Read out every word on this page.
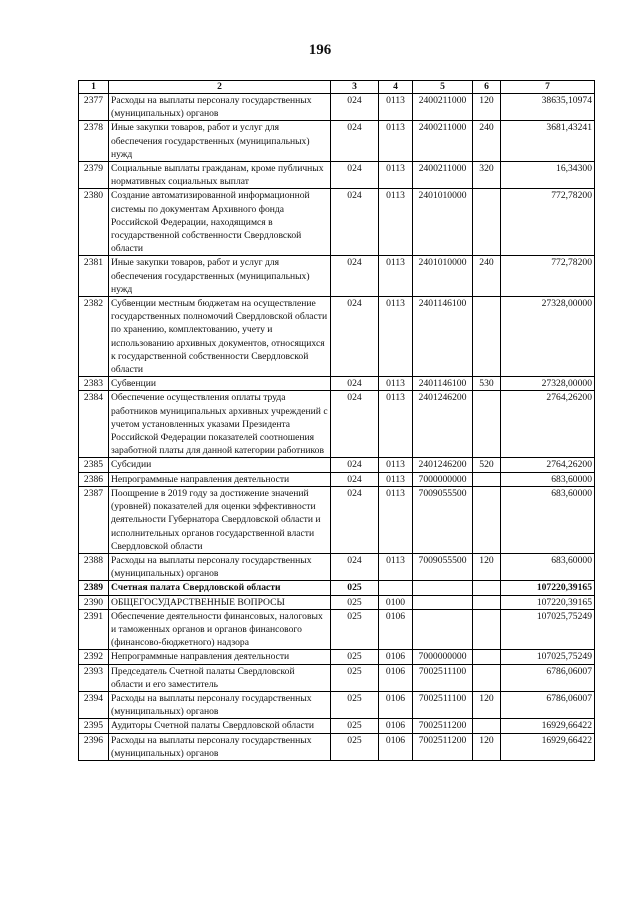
196
1	2	3	4	5	6	7
2377	Расходы на выплаты персоналу государственных (муниципальных) органов	024	0113	2400211000	120	38635,10974
2378	Иные закупки товаров, работ и услуг для обеспечения государственных (муниципальных) нужд	024	0113	2400211000	240	3681,43241
2379	Социальные выплаты гражданам, кроме публичных нормативных социальных выплат	024	0113	2400211000	320	16,34300
2380	Создание автоматизированной информационной системы по документам Архивного фонда Российской Федерации, находящимся в государственной собственности Свердловской области	024	0113	2401010000		772,78200
2381	Иные закупки товаров, работ и услуг для обеспечения государственных (муниципальных) нужд	024	0113	2401010000	240	772,78200
2382	Субвенции местным бюджетам на осуществление государственных полномочий Свердловской области по хранению, комплектованию, учету и использованию архивных документов, относящихся к государственной собственности Свердловской области	024	0113	2401146100		27328,00000
2383	Субвенции	024	0113	2401146100	530	27328,00000
2384	Обеспечение осуществления оплаты труда работников муниципальных архивных учреждений с учетом установленных указами Президента Российской Федерации показателей соотношения заработной платы для данной категории работников	024	0113	2401246200		2764,26200
2385	Субсидии	024	0113	2401246200	520	2764,26200
2386	Непрограммные направления деятельности	024	0113	7000000000		683,60000
2387	Поощрение в 2019 году за достижение значений (уровней) показателей для оценки эффективности деятельности Губернатора Свердловской области и исполнительных органов государственной власти Свердловской области	024	0113	7009055500		683,60000
2388	Расходы на выплаты персоналу государственных (муниципальных) органов	024	0113	7009055500	120	683,60000
2389	Счетная палата Свердловской области	025				107220,39165
2390	ОБЩЕГОСУДАРСТВЕННЫЕ ВОПРОСЫ	025	0100			107220,39165
2391	Обеспечение деятельности финансовых, налоговых и таможенных органов и органов финансового (финансово-бюджетного) надзора	025	0106			107025,75249
2392	Непрограммные направления деятельности	025	0106	7000000000		107025,75249
2393	Председатель Счетной палаты Свердловской области и его заместитель	025	0106	7002511100		6786,06007
2394	Расходы на выплаты персоналу государственных (муниципальных) органов	025	0106	7002511100	120	6786,06007
2395	Аудиторы Счетной палаты Свердловской области	025	0106	7002511200		16929,66422
2396	Расходы на выплаты персоналу государственных (муниципальных) органов	025	0106	7002511200	120	16929,66422
